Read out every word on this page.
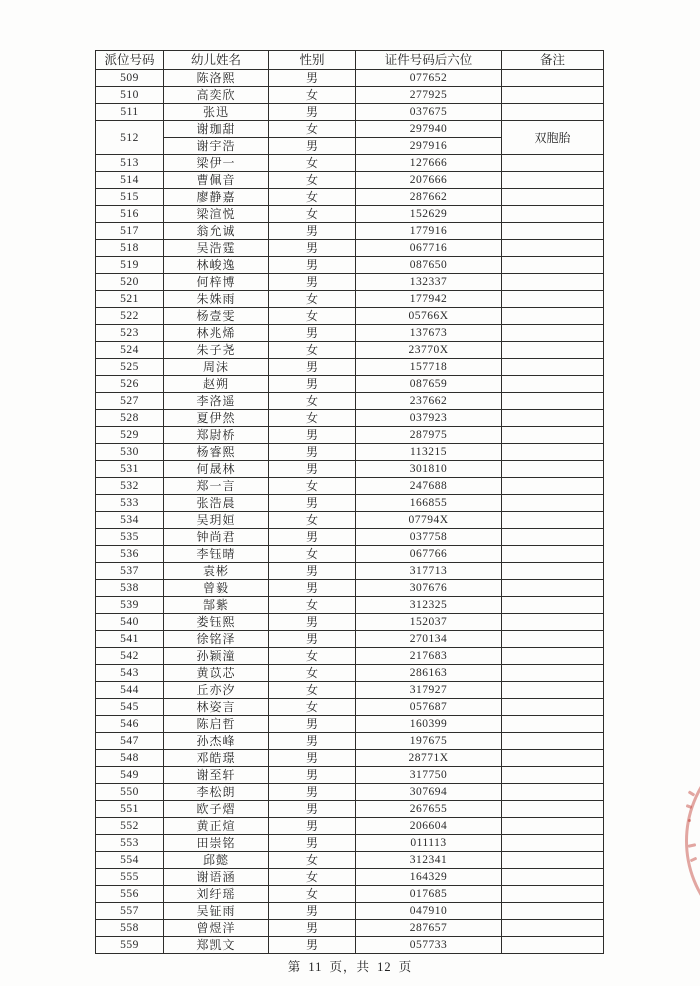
派位号码	幼儿姓名	性别	证件号码后六位	备注
509	陈洛熙	男	077652	
510	高奕欣	女	277925	
511	张迅	男	037675	
512	谢珈甜	女	297940	双胞胎
	谢宇浩	男	297916	
513	梁伊一	女	127666	
514	曹佩音	女	207666	
515	廖静嘉	女	287662	
516	梁渲悦	女	152629	
517	翁允诚	男	177916	
518	吴浩霆	男	067716	
519	林峻逸	男	087650	
520	何梓博	男	132337	
521	朱姝雨	女	177942	
522	杨壹雯	女	05766X	
523	林兆烯	男	137673	
524	朱子尧	女	23770X	
525	周沫	男	157718	
526	赵朔	男	087659	
527	李洛遥	女	237662	
528	夏伊然	女	037923	
529	郑尉桥	男	287975	
530	杨睿熙	男	113215	
531	何晟林	男	301810	
532	郑一言	女	247688	
533	张浩晨	男	166855	
534	吴玥姮	女	07794X	
535	钟尚君	男	037758	
536	李钰晴	女	067766	
537	袁彬	男	317713	
538	曾毅	男	307676	
539	郜紫	女	312325	
540	娄钰熙	男	152037	
541	徐铭泽	男	270134	
542	孙颖潼	女	217683	
543	黄苡芯	女	286163	
544	丘亦汐	女	317927	
545	林姿言	女	057687	
546	陈启哲	男	160399	
547	孙杰峰	男	197675	
548	邓皓璟	男	28771X	
549	谢至轩	男	317750	
550	李松朗	男	307694	
551	欧子熠	男	267655	
552	黄正煊	男	206604	
553	田崇铭	男	011113	
554	邱懿	女	312341	
555	谢语涵	女	164329	
556	刘纡瑶	女	017685	
557	吴钲雨	男	047910	
558	曾煜洋	男	287657	
559	郑凯文	男	057733	
第 11 页，共 12 页
